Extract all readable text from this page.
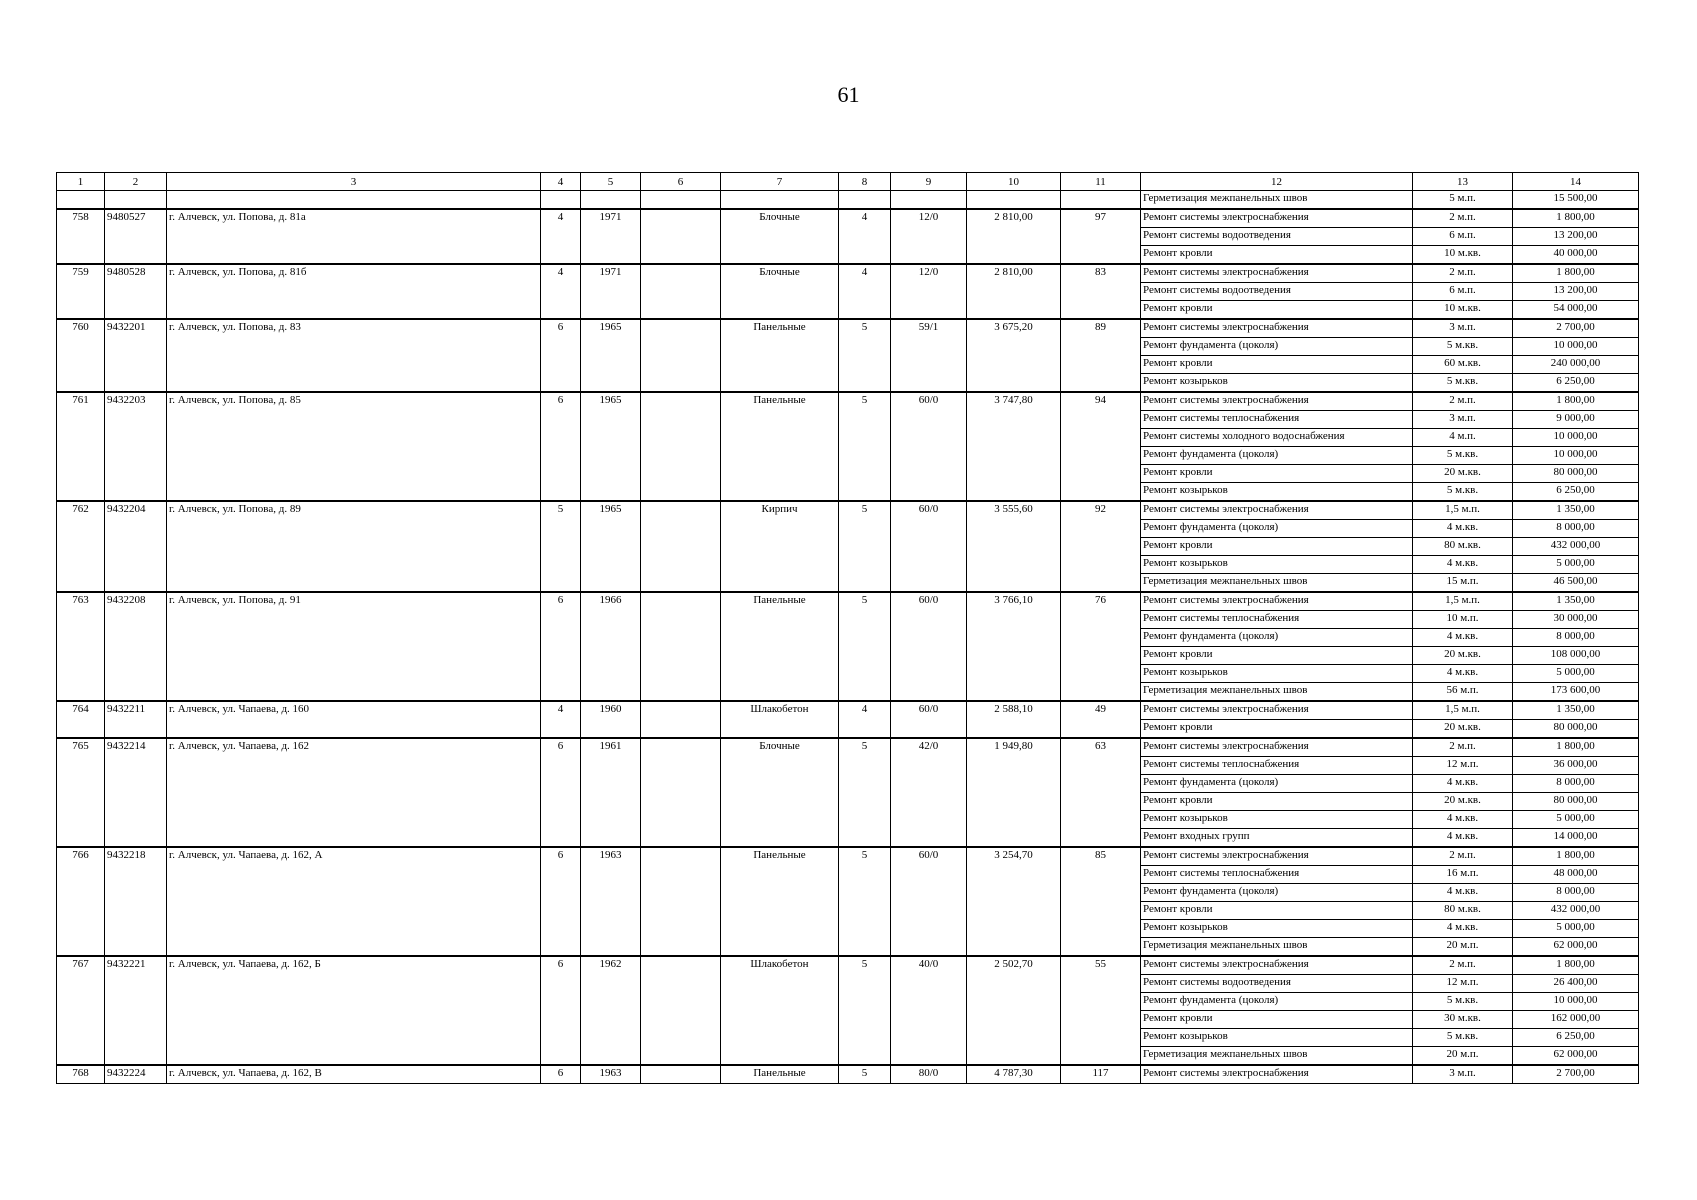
61
1	2	3	4	5	6	7	8	9	10	11	12	13	14
											Герметизация межпанельных швов	5 м.п.	15 500,00
758	9480527	г. Алчевск, ул. Попова, д. 81а	4	1971		Блочные	4	12/0	2 810,00	97	Ремонт системы электроснабжения	2 м.п.	1 800,00
											Ремонт системы водоотведения	6 м.п.	13 200,00
											Ремонт кровли	10 м.кв.	40 000,00
759	9480528	г. Алчевск, ул. Попова, д. 81б	4	1971		Блочные	4	12/0	2 810,00	83	Ремонт системы электроснабжения	2 м.п.	1 800,00
											Ремонт системы водоотведения	6 м.п.	13 200,00
											Ремонт кровли	10 м.кв.	54 000,00
760	9432201	г. Алчевск, ул. Попова, д. 83	6	1965		Панельные	5	59/1	3 675,20	89	Ремонт системы электроснабжения	3 м.п.	2 700,00
											Ремонт фундамента (цоколя)	5 м.кв.	10 000,00
											Ремонт кровли	60 м.кв.	240 000,00
											Ремонт козырьков	5 м.кв.	6 250,00
761	9432203	г. Алчевск, ул. Попова, д. 85	6	1965		Панельные	5	60/0	3 747,80	94	Ремонт системы электроснабжения	2 м.п.	1 800,00
											Ремонт системы теплоснабжения	3 м.п.	9 000,00
											Ремонт системы холодного водоснабжения	4 м.п.	10 000,00
											Ремонт фундамента (цоколя)	5 м.кв.	10 000,00
											Ремонт кровли	20 м.кв.	80 000,00
											Ремонт козырьков	5 м.кв.	6 250,00
762	9432204	г. Алчевск, ул. Попова, д. 89	5	1965		Кирпич	5	60/0	3 555,60	92	Ремонт системы электроснабжения	1,5 м.п.	1 350,00
											Ремонт фундамента (цоколя)	4 м.кв.	8 000,00
											Ремонт кровли	80 м.кв.	432 000,00
											Ремонт козырьков	4 м.кв.	5 000,00
											Герметизация межпанельных швов	15 м.п.	46 500,00
763	9432208	г. Алчевск, ул. Попова, д. 91	6	1966		Панельные	5	60/0	3 766,10	76	Ремонт системы электроснабжения	1,5 м.п.	1 350,00
											Ремонт системы теплоснабжения	10 м.п.	30 000,00
											Ремонт фундамента (цоколя)	4 м.кв.	8 000,00
											Ремонт кровли	20 м.кв.	108 000,00
											Ремонт козырьков	4 м.кв.	5 000,00
											Герметизация межпанельных швов	56 м.п.	173 600,00
764	9432211	г. Алчевск, ул. Чапаева, д. 160	4	1960		Шлакобетон	4	60/0	2 588,10	49	Ремонт системы электроснабжения	1,5 м.п.	1 350,00
											Ремонт кровли	20 м.кв.	80 000,00
765	9432214	г. Алчевск, ул. Чапаева, д. 162	6	1961		Блочные	5	42/0	1 949,80	63	Ремонт системы электроснабжения	2 м.п.	1 800,00
											Ремонт системы теплоснабжения	12 м.п.	36 000,00
											Ремонт фундамента (цоколя)	4 м.кв.	8 000,00
											Ремонт кровли	20 м.кв.	80 000,00
											Ремонт козырьков	4 м.кв.	5 000,00
											Ремонт входных групп	4 м.кв.	14 000,00
766	9432218	г. Алчевск, ул. Чапаева, д. 162, А	6	1963		Панельные	5	60/0	3 254,70	85	Ремонт системы электроснабжения	2 м.п.	1 800,00
											Ремонт системы теплоснабжения	16 м.п.	48 000,00
											Ремонт фундамента (цоколя)	4 м.кв.	8 000,00
											Ремонт кровли	80 м.кв.	432 000,00
											Ремонт козырьков	4 м.кв.	5 000,00
											Герметизация межпанельных швов	20 м.п.	62 000,00
767	9432221	г. Алчевск, ул. Чапаева, д. 162, Б	6	1962		Шлакобетон	5	40/0	2 502,70	55	Ремонт системы электроснабжения	2 м.п.	1 800,00
											Ремонт системы водоотведения	12 м.п.	26 400,00
											Ремонт фундамента (цоколя)	5 м.кв.	10 000,00
											Ремонт кровли	30 м.кв.	162 000,00
											Ремонт козырьков	5 м.кв.	6 250,00
											Герметизация межпанельных швов	20 м.п.	62 000,00
768	9432224	г. Алчевск, ул. Чапаева, д. 162, В	6	1963		Панельные	5	80/0	4 787,30	117	Ремонт системы электроснабжения	3 м.п.	2 700,00
